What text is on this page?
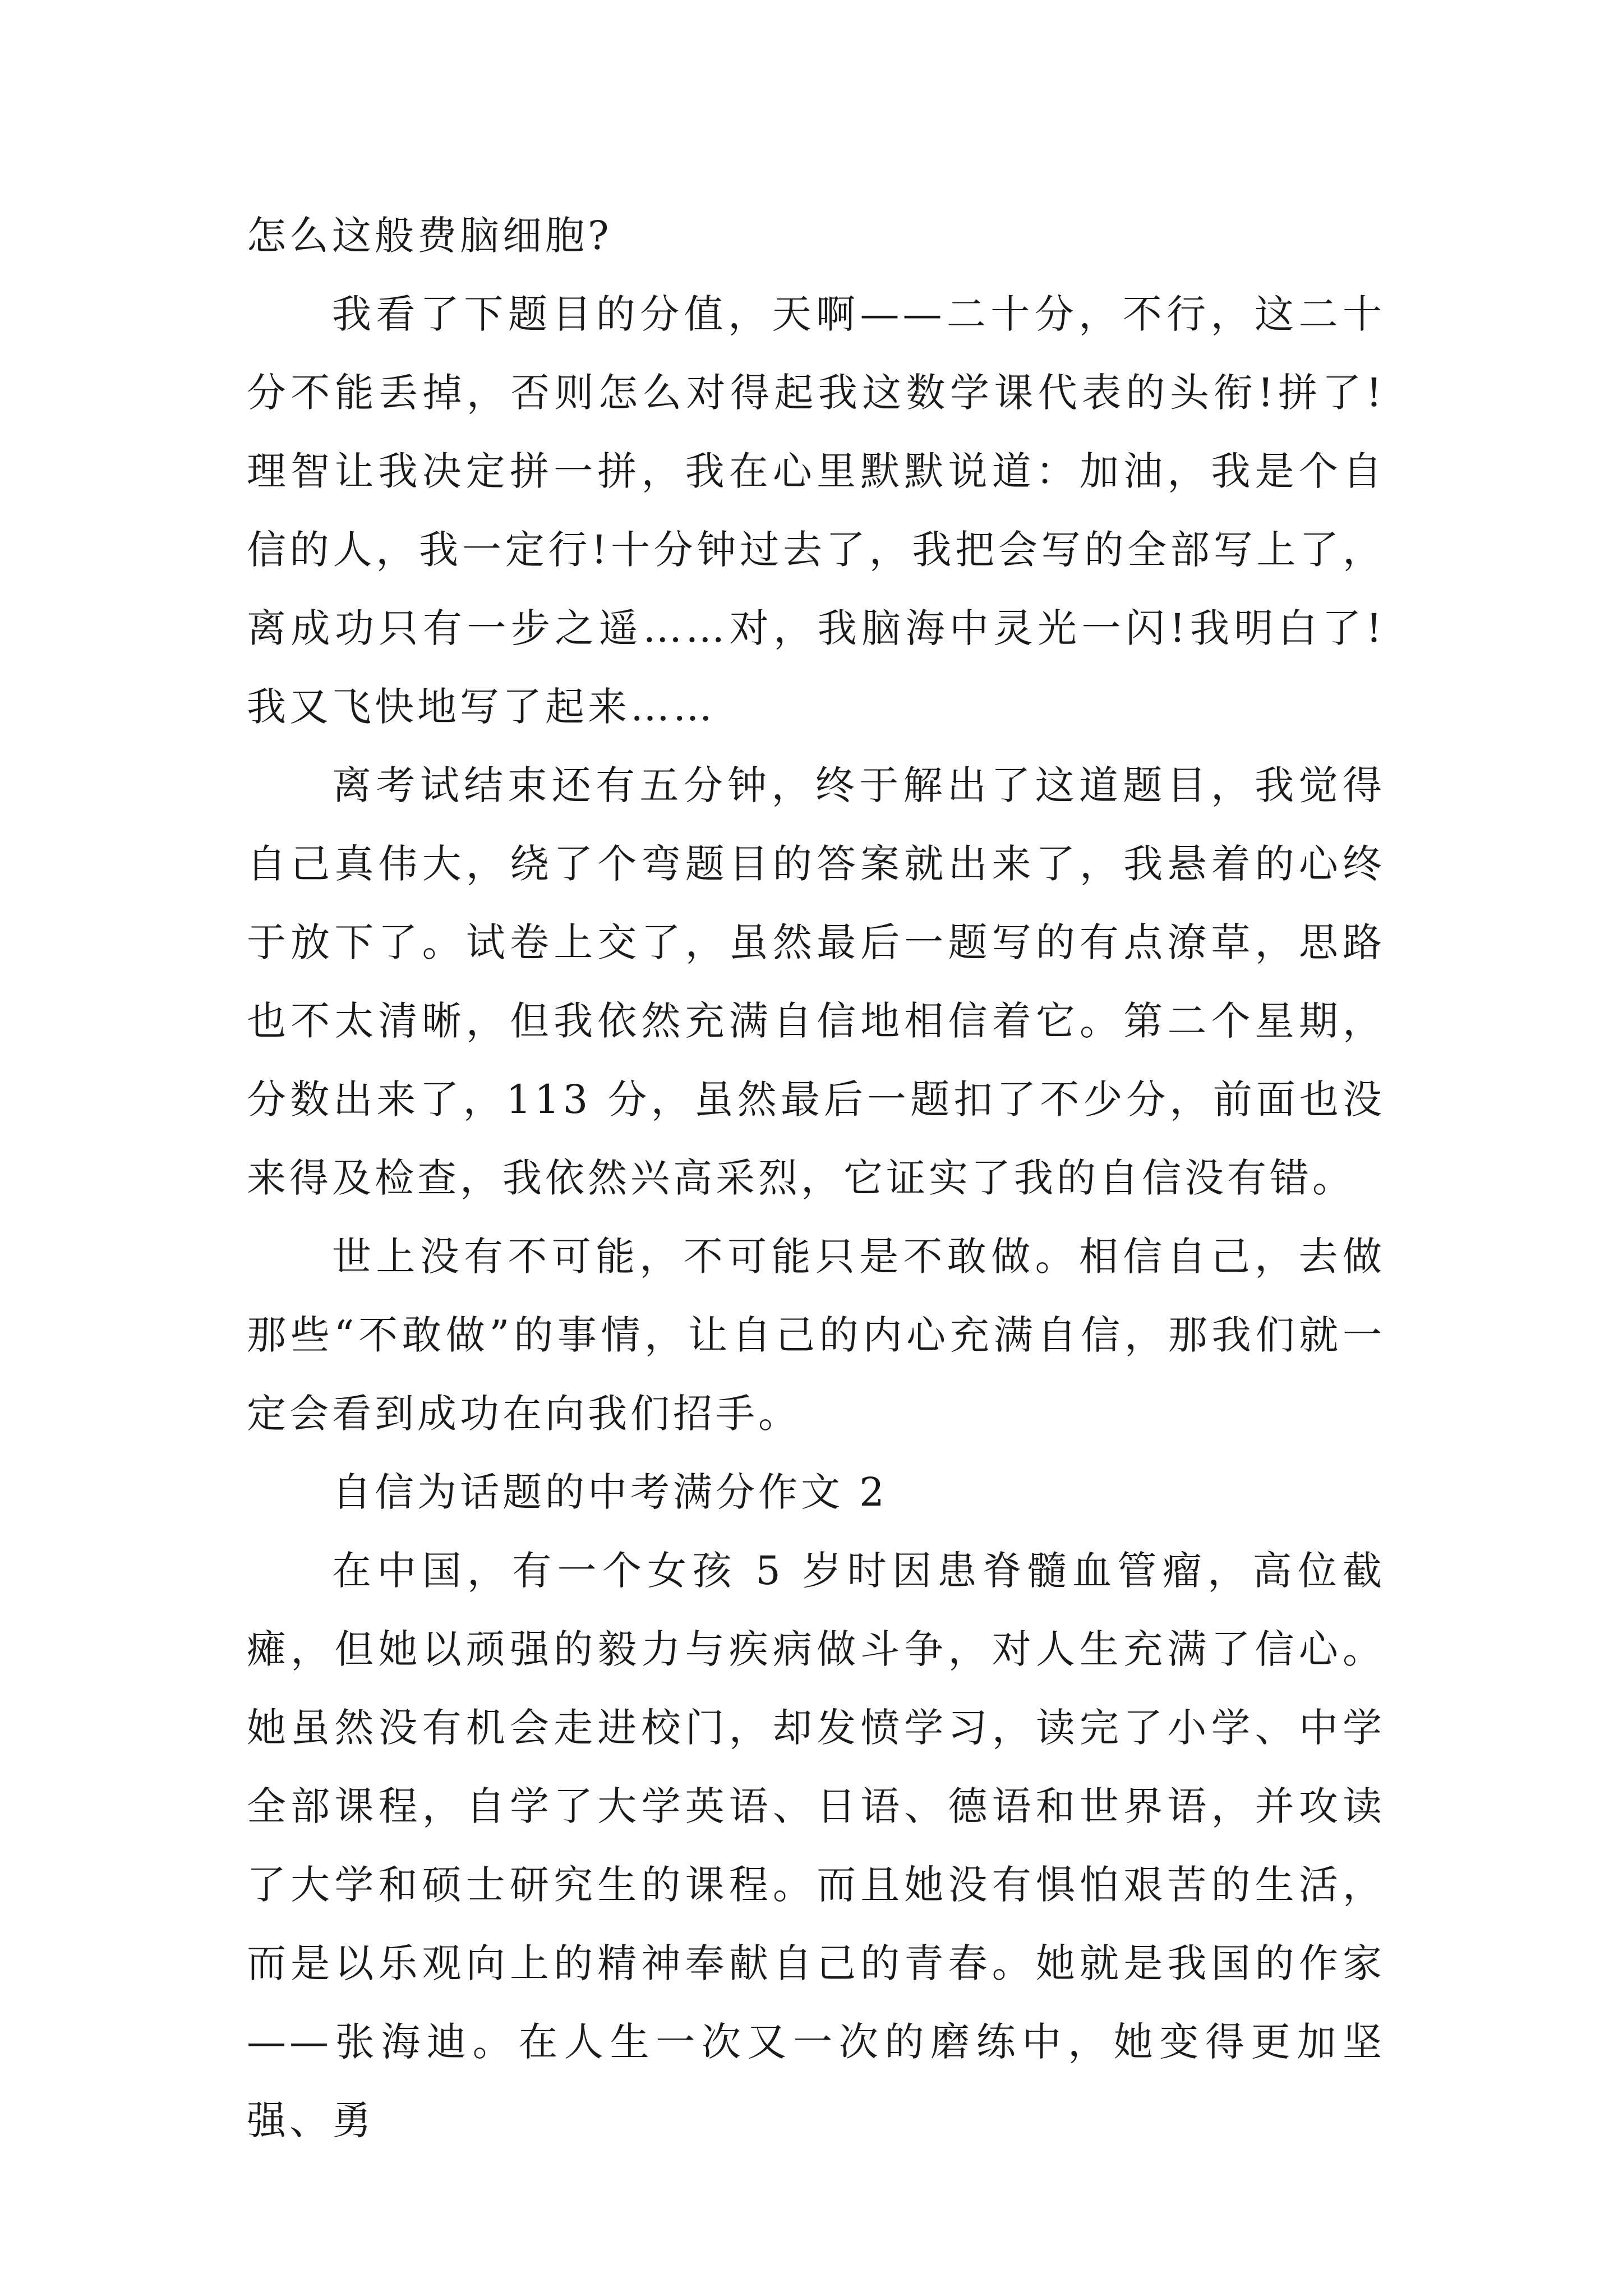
怎么这般费脑细胞?

我看了下题目的分值，天啊——二十分，不行，这二十分不能丢掉，否则怎么对得起我这数学课代表的头衔!拼了!理智让我决定拼一拼，我在心里默默说道：加油，我是个自信的人，我一定行!十分钟过去了，我把会写的全部写上了，离成功只有一步之遥……对，我脑海中灵光一闪!我明白了!我又飞快地写了起来……

离考试结束还有五分钟，终于解出了这道题目，我觉得自己真伟大，绕了个弯题目的答案就出来了，我悬着的心终于放下了。试卷上交了，虽然最后一题写的有点潦草，思路也不太清晰，但我依然充满自信地相信着它。第二个星期，分数出来了，113 分，虽然最后一题扣了不少分，前面也没来得及检查，我依然兴高采烈，它证实了我的自信没有错。

世上没有不可能，不可能只是不敢做。相信自己，去做那些“不敢做”的事情，让自己的内心充满自信，那我们就一定会看到成功在向我们招手。

自信为话题的中考满分作文 2

在中国，有一个女孩 5 岁时因患脊髓血管瘤，高位截瘫，但她以顽强的毅力与疾病做斗争，对人生充满了信心。她虽然没有机会走进校门，却发愤学习，读完了小学、中学全部课程，自学了大学英语、日语、德语和世界语，并攻读了大学和硕士研究生的课程。而且她没有惧怕艰苦的生活，而是以乐观向上的精神奉献自己的青春。她就是我国的作家——张海迪。在人生一次又一次的磨练中，她变得更加坚强、勇
